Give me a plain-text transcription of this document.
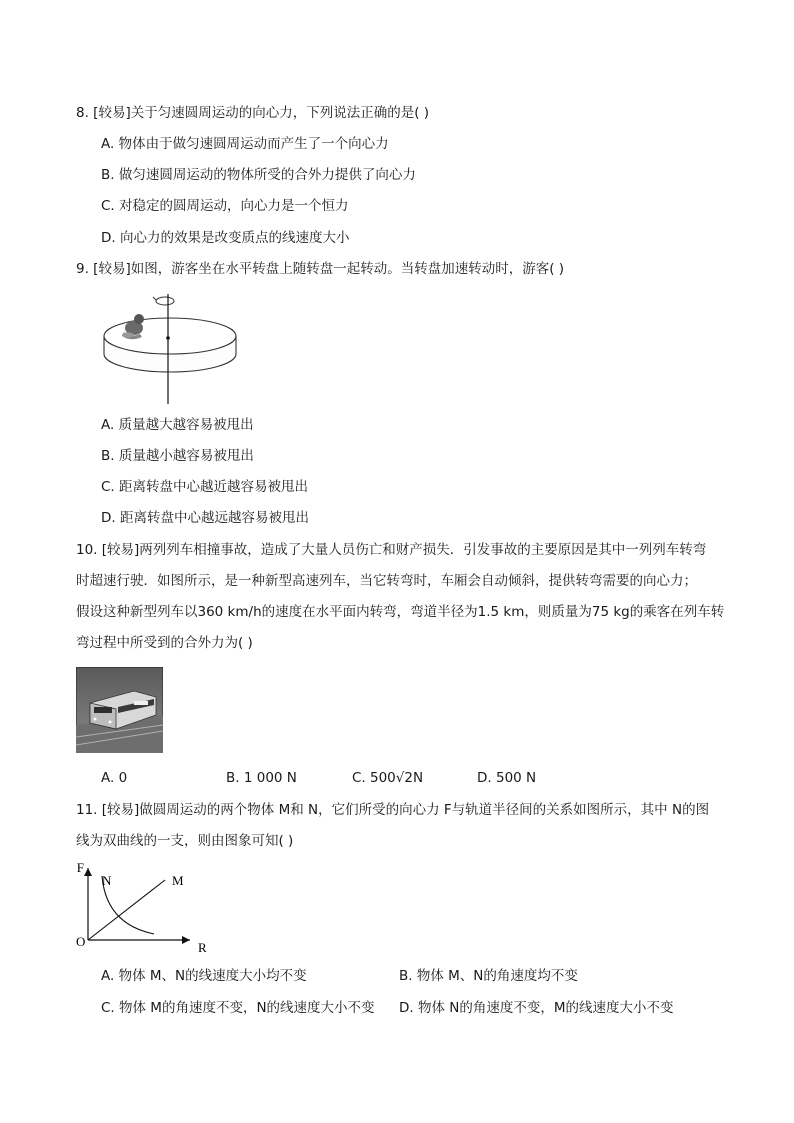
8. [较易]关于匀速圆周运动的向心力，下列说法正确的是( )
A. 物体由于做匀速圆周运动而产生了一个向心力
B. 做匀速圆周运动的物体所受的合外力提供了向心力
C. 对稳定的圆周运动，向心力是一个恒力
D. 向心力的效果是改变质点的线速度大小
9. [较易]如图，游客坐在水平转盘上随转盘一起转动。当转盘加速转动时，游客( )
A. 质量越大越容易被甩出
B. 质量越小越容易被甩出
C. 距离转盘中心越近越容易被甩出
D. 距离转盘中心越远越容易被甩出
10. [较易]两列列车相撞事故，造成了大量人员伤亡和财产损失．引发事故的主要原因是其中一列列车转弯
时超速行驶．如图所示，是一种新型高速列车，当它转弯时，车厢会自动倾斜，提供转弯需要的向心力；
假设这种新型列车以360 km/h的速度在水平面内转弯，弯道半径为1.5 km，则质量为75 kg的乘客在列车转
弯过程中所受到的合外力为( )
A. 0	B. 1 000 N	C. 500√2N	D. 500 N
11. [较易]做圆周运动的两个物体 M和 N，它们所受的向心力 F与轨道半径间的关系如图所示，其中 N的图
线为双曲线的一支，则由图象可知( )
F
R
O
N	M
A. 物体 M、N的线速度大小均不变	B. 物体 M、N的角速度均不变
C. 物体 M的角速度不变，N的线速度大小不变 D. 物体 N的角速度不变，M的线速度大小不变
